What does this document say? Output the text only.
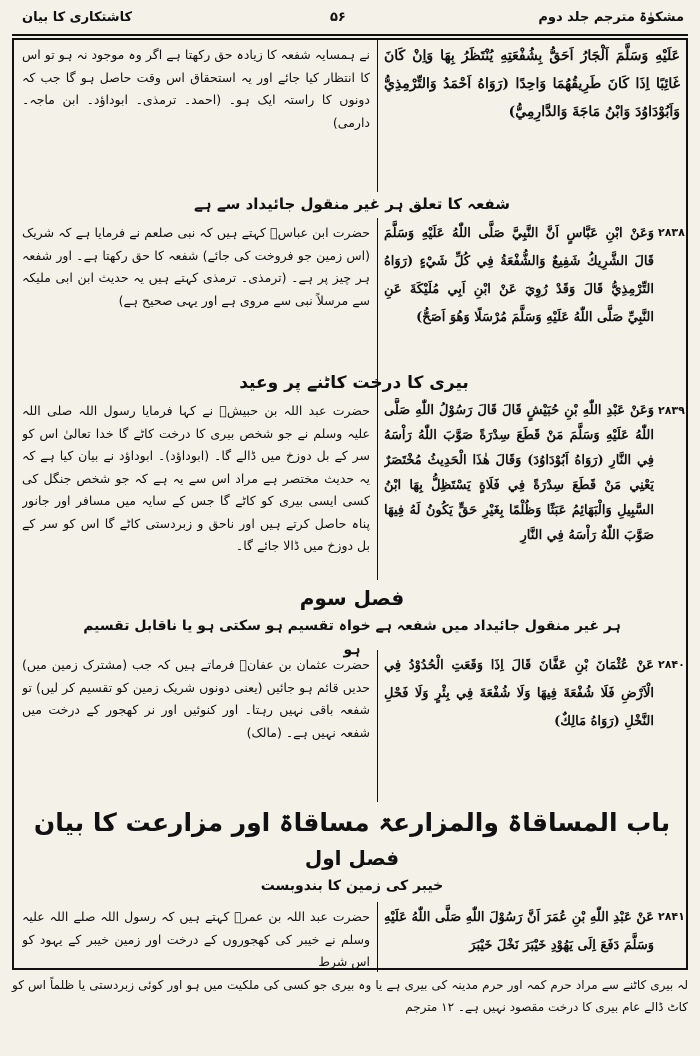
مشکوٰۃ مترجم جلد دوم
۵۶
کاشتکاری کا بیان
عَلَيْهِ وَسَلَّمَ اَلْجَارُ اَحَقُّ بِشُفْعَتِهِ يُنْتَظَرُ بِهَا وَاِنْ كَانَ غَائِبًا اِذَا كَانَ طَرِيقُهُمَا وَاحِدًا (رَوَاهُ اَحْمَدُ وَالتِّرْمِذِيُّ وَاَبُوْدَاوُدَ وَابْنُ مَاجَةَ وَالدَّارِمِيُّ)
نے ہمسایہ شفعہ کا زیادہ حق رکھتا ہے اگر وہ موجود نہ ہو تو اس کا انتظار کیا جائے اور یہ استحقاق اس وقت حاصل ہو گا جب کہ دونوں کا راستہ ایک ہو۔ (احمد۔ ترمذی۔ ابوداؤد۔ ابن ماجہ۔ دارمی)
شفعہ کا تعلق ہر غیر منقول جائیداد سے ہے
۲۸۳۸
وَعَنْ ابْنِ عَبَّاسٍ اَنَّ النَّبِيَّ صَلَّى اللّٰهُ عَلَيْهِ وَسَلَّمَ قَالَ الشَّرِيكُ شَفِيعٌ وَالشُّفْعَةُ فِي كُلِّ شَيْءٍ (رَوَاهُ التِّرْمِذِيُّ قَالَ وَقَدْ رُوِيَ عَنْ ابْنِ اَبِي مُلَيْكَةَ عَنِ النَّبِيِّ صَلَّى اللّٰهُ عَلَيْهِ وَسَلَّمَ مُرْسَلًا وَهُوَ اَصَحُّ)
حضرت ابن عباسؓ کہتے ہیں کہ نبی صلعم نے فرمایا ہے کہ شریک (اس زمین جو فروخت کی جائے) شفعہ کا حق رکھتا ہے۔ اور شفعہ ہر چیز پر ہے۔ (ترمذی۔ ترمذی کہتے ہیں یہ حدیث ابن ابی ملیکہ سے مرسلاً نبی سے مروی ہے اور یہی صحیح ہے)
بیری کا درخت کاٹنے پر وعید
۲۸۳۹
وَعَنْ عَبْدِ اللّٰهِ بْنِ حُبَيْشٍ قَالَ قَالَ رَسُوْلُ اللّٰهِ صَلَّى اللّٰهُ عَلَيْهِ وَسَلَّمَ مَنْ قَطَعَ سِدْرَةً صَوَّبَ اللّٰهُ رَاْسَهُ فِي النَّارِ (رَوَاهُ اَبُوْدَاوُدَ) وَقَالَ هٰذَا الْحَدِيثُ مُخْتَصَرٌ يَعْنِي مَنْ قَطَعَ سِدْرَةً فِي فَلَاةٍ يَسْتَظِلُّ بِهَا ابْنُ السَّبِيلِ وَالْبَهَائِمُ عَبَثًا وَظُلْمًا بِغَيْرِ حَقٍّ يَكُونُ لَهُ فِيهَا صَوَّبَ اللّٰهُ رَاْسَهُ فِي النَّارِ
حضرت عبد اللہ بن حبیشؓ نے کہا فرمایا رسول اللہ صلی اللہ علیہ وسلم نے جو شخص بیری کا درخت کاٹے گا خدا تعالیٰ اس کو سر کے بل دوزخ میں ڈالے گا۔ (ابوداؤد)۔ ابوداؤد نے بیان کیا ہے کہ یہ حدیث مختصر ہے مراد اس سے یہ ہے کہ جو شخص جنگل کی کسی ایسی بیری کو کاٹے گا جس کے سایہ میں مسافر اور جانور پناہ حاصل کرتے ہیں اور ناحق و زبردستی کاٹے گا اس کو سر کے بل دوزخ میں ڈالا جائے گا۔
فصل سوم
ہر غیر منقول جائیداد میں شفعہ ہے خواہ تقسیم ہو سکتی ہو یا ناقابل تقسیم ہو
۲۸۴۰
عَنْ عُثْمَانَ بْنِ عَفَّانَ قَالَ اِذَا وَقَعَتِ الْحُدُوْدُ فِي الْاَرْضِ فَلَا شُفْعَةَ فِيهَا وَلَا شُفْعَةَ فِي بِئْرٍ وَلَا فَحْلِ النَّخْلِ (رَوَاهُ مَالِكٌ)
حضرت عثمان بن عفانؓ فرماتے ہیں کہ جب (مشترک زمین میں) حدیں قائم ہو جائیں (یعنی دونوں شریک زمین کو تقسیم کر لیں) تو شفعہ باقی نہیں رہتا۔ اور کنوئیں اور نر کھجور کے درخت میں شفعہ نہیں ہے۔ (مالک)
باب المساقاۃ والمزارعۃ مساقاۃ اور مزارعت کا بیان
فصل اول
خیبر کی زمین کا بندوبست
۲۸۴۱
عَنْ عَبْدِ اللّٰهِ بْنِ عُمَرَ اَنَّ رَسُوْلَ اللّٰهِ صَلَّى اللّٰهُ عَلَيْهِ وَسَلَّمَ دَفَعَ اِلَى يَهُوْدِ خَيْبَرَ نَخْلَ خَيْبَرَ
حضرت عبد اللہ بن عمرؓ کہتے ہیں کہ رسول اللہ صلے اللہ علیہ وسلم نے خیبر کی کھجوروں کے درخت اور زمین خیبر کے یہود کو اس شرط
لہ بیری کاٹنے سے مراد حرم کمہ اور حرم مدینہ کی بیری ہے یا وہ بیری جو کسی کی ملکیت میں ہو اور کوئی زبردستی یا ظلماً اس کو کاٹ ڈالے عام بیری کا درخت مقصود نہیں ہے۔ ۱۲ مترجم
